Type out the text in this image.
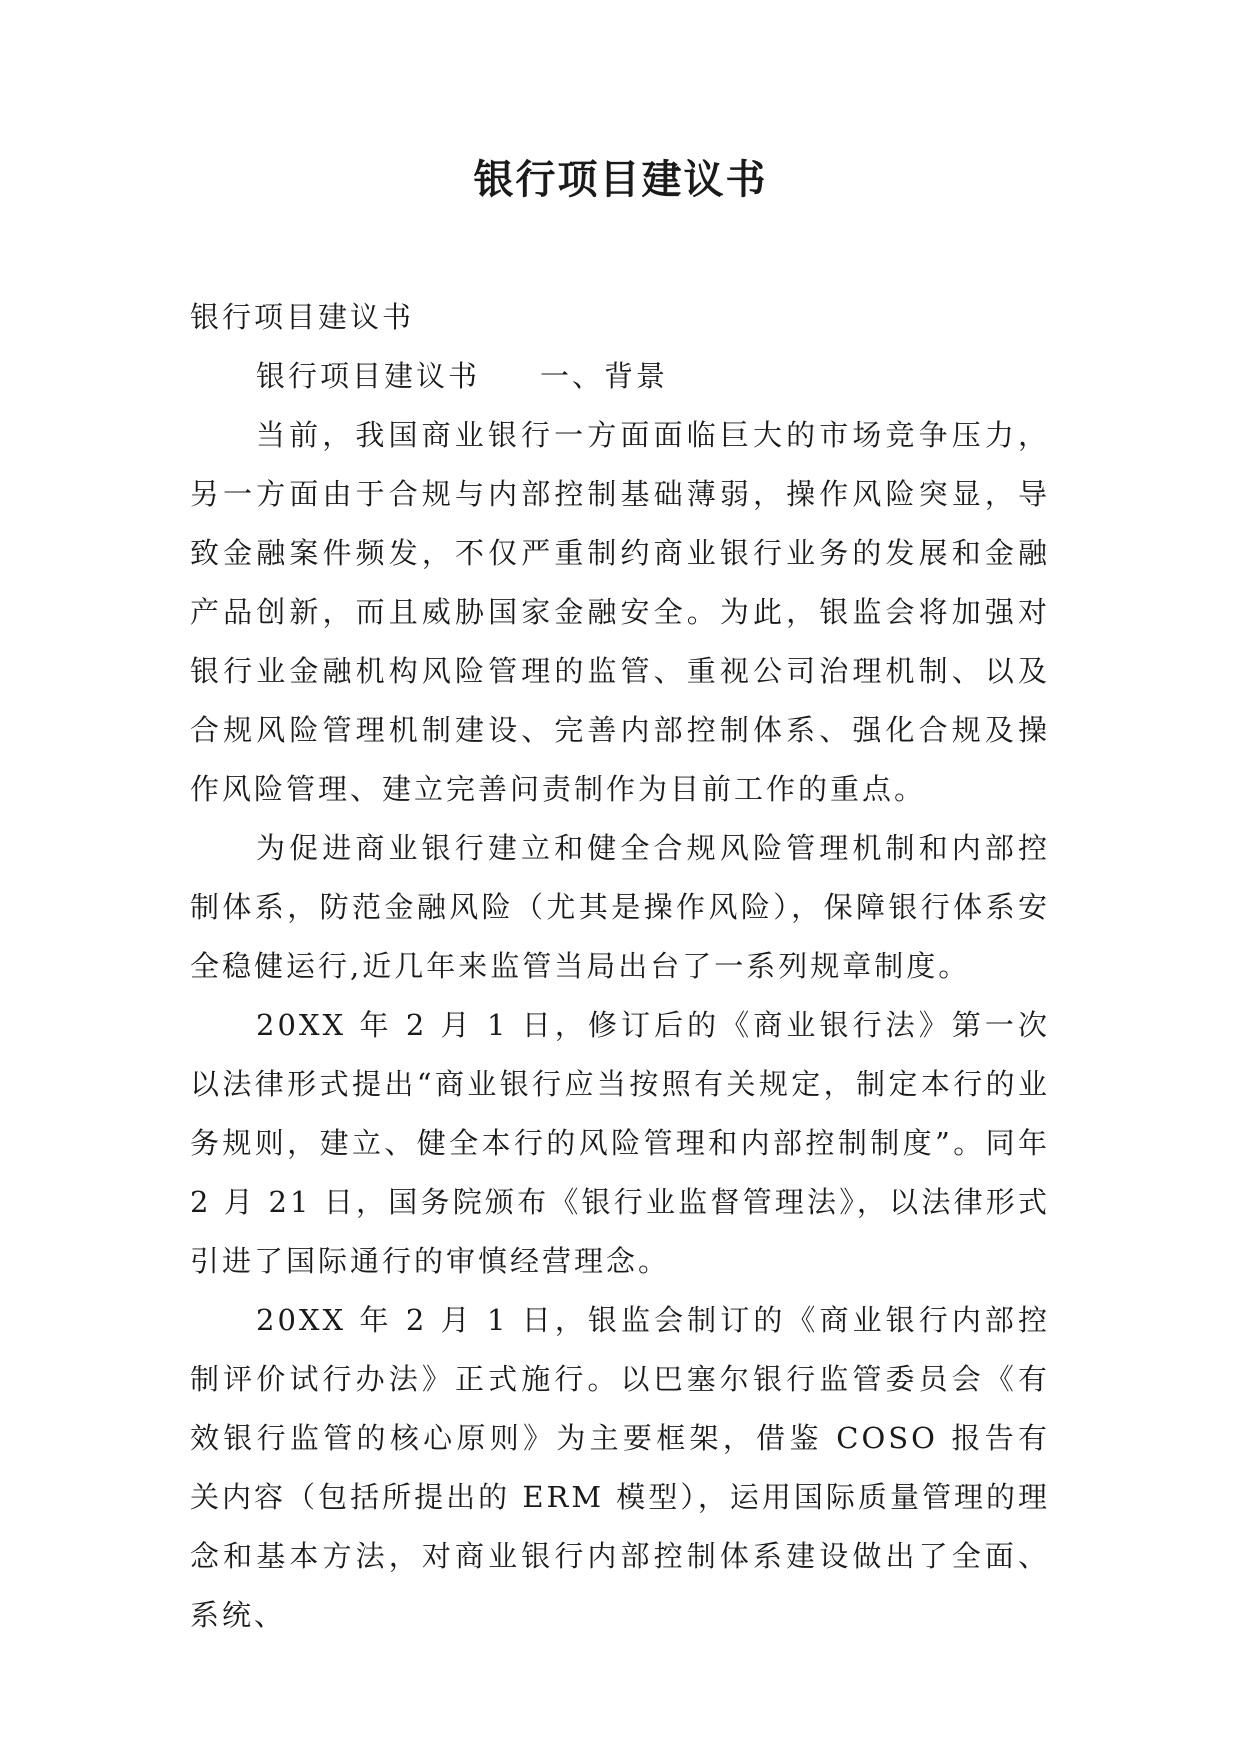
银行项目建议书

银行项目建议书

银行项目建议书 一、背景

当前，我国商业银行一方面面临巨大的市场竞争压力，另一方面由于合规与内部控制基础薄弱，操作风险突显，导致金融案件频发，不仅严重制约商业银行业务的发展和金融产品创新，而且威胁国家金融安全。为此，银监会将加强对银行业金融机构风险管理的监管、重视公司治理机制、以及合规风险管理机制建设、完善内部控制体系、强化合规及操作风险管理、建立完善问责制作为目前工作的重点。

为促进商业银行建立和健全合规风险管理机制和内部控制体系，防范金融风险（尤其是操作风险），保障银行体系安全稳健运行,近几年来监管当局出台了一系列规章制度。

20XX 年 2 月 1 日，修订后的《商业银行法》第一次以法律形式提出“商业银行应当按照有关规定，制定本行的业务规则，建立、健全本行的风险管理和内部控制制度”。同年 2 月 21 日，国务院颁布《银行业监督管理法》，以法律形式引进了国际通行的审慎经营理念。

20XX 年 2 月 1 日，银监会制订的《商业银行内部控制评价试行办法》正式施行。以巴塞尔银行监管委员会《有效银行监管的核心原则》为主要框架，借鉴 COSO 报告有关内容（包括所提出的 ERM 模型），运用国际质量管理的理念和基本方法，对商业银行内部控制体系建设做出了全面、系统、
